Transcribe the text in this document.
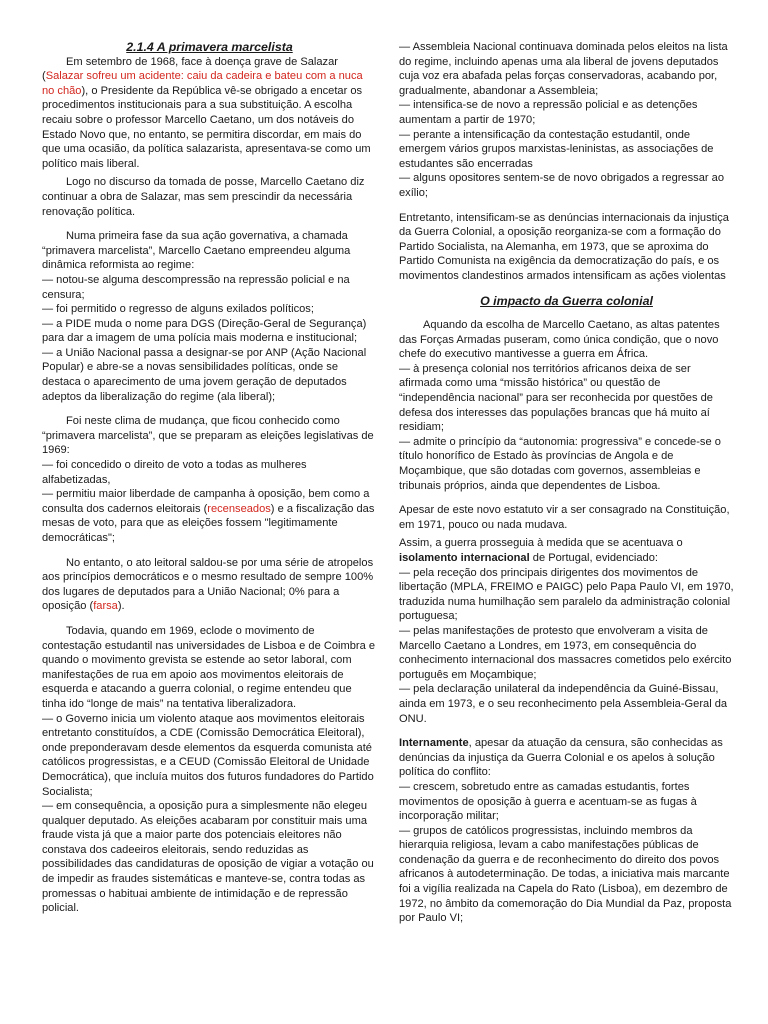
2.1.4 A primavera marcelista

Em setembro de 1968, face à doença grave de Salazar (Salazar sofreu um acidente: caiu da cadeira e bateu com a nuca no chão), o Presidente da República vê-se obrigado a encetar os procedimentos institucionais para a sua substituição. A escolha recaiu sobre o professor Marcello Caetano, um dos notáveis do Estado Novo que, no entanto, se permitira discordar, em mais do que uma ocasião, da política salazarista, apresentava-se como um político mais liberal.

Logo no discurso da tomada de posse, Marcello Caetano diz continuar a obra de Salazar, mas sem prescindir da necessária renovação política.

Numa primeira fase da sua ação governativa, a chamada “primavera marcelista”, Marcello Caetano empreendeu alguma dinâmica reformista ao regime:

— notou-se alguma descompressão na repressão policial e na censura;

— foi permitido o regresso de alguns exilados políticos;

— a PIDE muda o nome para DGS (Direção-Geral de Segurança) para dar a imagem de uma polícia mais moderna e institucional;

— a União Nacional passa a designar-se por ANP (Ação Nacional Popular) e abre-se a novas sensibilidades políticas, onde se destaca o aparecimento de uma jovem geração de deputados adeptos da liberalização do regime (ala liberal);

Foi neste clima de mudança, que ficou conhecido como “primavera marcelista”, que se preparam as eleições legislativas de 1969:

— foi concedido o direito de voto a todas as mulheres alfabetizadas,

— permitiu maior liberdade de campanha à oposição, bem como a consulta dos cadernos eleitorais (recenseados) e a fiscalização das mesas de voto, para que as eleições fossem "legitimamente democráticas";

No entanto, o ato leitoral saldou-se por uma série de atropelos aos princípios democráticos e o mesmo resultado de sempre 100% dos lugares de deputados para a União Nacional; 0% para a oposição (farsa).

Todavia, quando em 1969, eclode o movimento de contestação estudantil nas universidades de Lisboa e de Coimbra e quando o movimento grevista se estende ao setor laboral, com manifestações de rua em apoio aos movimentos eleitorais de esquerda e atacando a guerra colonial, o regime entendeu que tinha ido “longe de mais” na tentativa liberalizadora.

— o Governo inicia um violento ataque aos movimentos eleitorais entretanto constituídos, a CDE (Comissão Democrática Eleitoral), onde preponderavam desde elementos da esquerda comunista até católicos progressistas, e a CEUD (Comissão Eleitoral de Unidade Democrática), que incluía muitos dos futuros fundadores do Partido Socialista;

— em consequência, a oposição pura a simplesmente não elegeu qualquer deputado. As eleições acabaram por constituir mais uma fraude vista já que a maior parte dos potenciais eleitores não constava dos cadeeiros eleitorais, sendo reduzidas as possibilidades das candidaturas de oposição de vigiar a votação ou de impedir as fraudes sistemáticas e manteve-se, contra todas as promessas o habituai ambiente de intimidação e de repressão policial.

— Assembleia Nacional continuava dominada pelos eleitos na lista do regime, incluindo apenas uma ala liberal de jovens deputados cuja voz era abafada pelas forças conservadoras, acabando por, gradualmente, abandonar a Assembleia;

— intensifica-se de novo a repressão policial e as detenções aumentam a partir de 1970;

— perante a intensificação da contestação estudantil, onde emergem vários grupos marxistas-leninistas, as associações de estudantes são encerradas

— alguns opositores sentem-se de novo obrigados a regressar ao exílio;

Entretanto, intensificam-se as denúncias internacionais da injustiça da Guerra Colonial, a oposição reorganiza-se com a formação do Partido Socialista, na Alemanha, em 1973, que se aproxima do Partido Comunista na exigência da democratização do país, e os movimentos clandestinos armados intensificam as ações violentas

O impacto da Guerra colonial

Aquando da escolha de Marcello Caetano, as altas patentes das Forças Armadas puseram, como única condição, que o novo chefe do executivo mantivesse a guerra em África.

— à presença colonial nos territórios africanos deixa de ser afirmada como uma “missão histórica” ou questão de “independência nacional” para ser reconhecida por questões de defesa dos interesses das populações brancas que há muito aí residiam;

— admite o princípio da “autonomia: progressiva” e concede-se o título honorífico de Estado às províncias de Angola e de Moçambique, que são dotadas com governos, assembleias e tribunais próprios, ainda que dependentes de Lisboa.

Apesar de este novo estatuto vir a ser consagrado na Constituição, em 1971, pouco ou nada mudava.

Assim, a guerra prosseguia à medida que se acentuava o isolamento internacional de Portugal, evidenciado:

— pela receção dos principais dirigentes dos movimentos de libertação (MPLA, FREIMO e PAIGC) pelo Papa Paulo VI, em 1970, traduzida numa humilhação sem paralelo da administração colonial portuguesa;

— pelas manifestações de protesto que envolveram a visita de Marcello Caetano a Londres, em 1973, em consequência do conhecimento internacional dos massacres cometidos pelo exército português em Moçambique;

— pela declaração unilateral da independência da Guiné-Bissau, ainda em 1973, e o seu reconhecimento pela Assembleia-Geral da ONU.

Internamente, apesar da atuação da censura, são conhecidas as denúncias da injustiça da Guerra Colonial e os apelos à solução política do conflito:

— crescem, sobretudo entre as camadas estudantis, fortes movimentos de oposição à guerra e acentuam-se as fugas à incorporação militar;

— grupos de católicos progressistas, incluindo membros da hierarquia religiosa, levam a cabo manifestações públicas de condenação da guerra e de reconhecimento do direito dos povos africanos à autodeterminação. De todas, a iniciativa mais marcante foi a vigília realizada na Capela do Rato (Lisboa), em dezembro de 1972, no âmbito da comemoração do Dia Mundial da Paz, proposta por Paulo VI;
